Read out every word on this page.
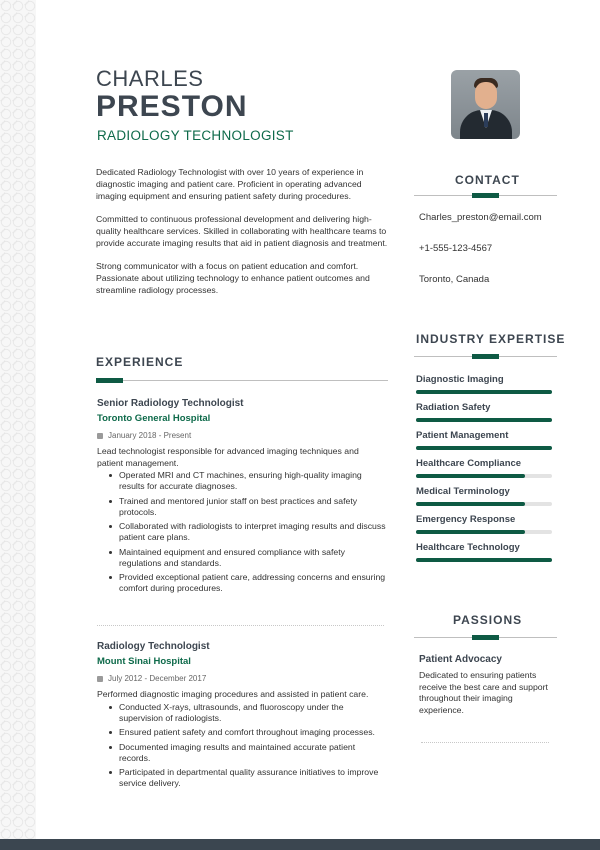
CHARLES
PRESTON
RADIOLOGY TECHNOLOGIST

Dedicated Radiology Technologist with over 10 years of experience in diagnostic imaging and patient care. Proficient in operating advanced imaging equipment and ensuring patient safety during procedures.

Committed to continuous professional development and delivering high-quality healthcare services. Skilled in collaborating with healthcare teams to provide accurate imaging results that aid in patient diagnosis and treatment.

Strong communicator with a focus on patient education and comfort. Passionate about utilizing technology to enhance patient outcomes and streamline radiology processes.

EXPERIENCE
Senior Radiology Technologist
Toronto General Hospital
January 2018 - Present
Lead technologist responsible for advanced imaging techniques and patient management.
Operated MRI and CT machines, ensuring high-quality imaging results for accurate diagnoses.
Trained and mentored junior staff on best practices and safety protocols.
Collaborated with radiologists to interpret imaging results and discuss patient care plans.
Maintained equipment and ensured compliance with safety regulations and standards.
Provided exceptional patient care, addressing concerns and ensuring comfort during procedures.
Radiology Technologist
Mount Sinai Hospital
July 2012 - December 2017
Performed diagnostic imaging procedures and assisted in patient care.
Conducted X-rays, ultrasounds, and fluoroscopy under the supervision of radiologists.
Ensured patient safety and comfort throughout imaging processes.
Documented imaging results and maintained accurate patient records.
Participated in departmental quality assurance initiatives to improve service delivery.
CONTACT
Charles_preston@email.com
+1-555-123-4567
Toronto, Canada
INDUSTRY EXPERTISE
Diagnostic Imaging
Radiation Safety
Patient Management
Healthcare Compliance
Medical Terminology
Emergency Response
Healthcare Technology
PASSIONS
Patient Advocacy
Dedicated to ensuring patients receive the best care and support throughout their imaging experience.
